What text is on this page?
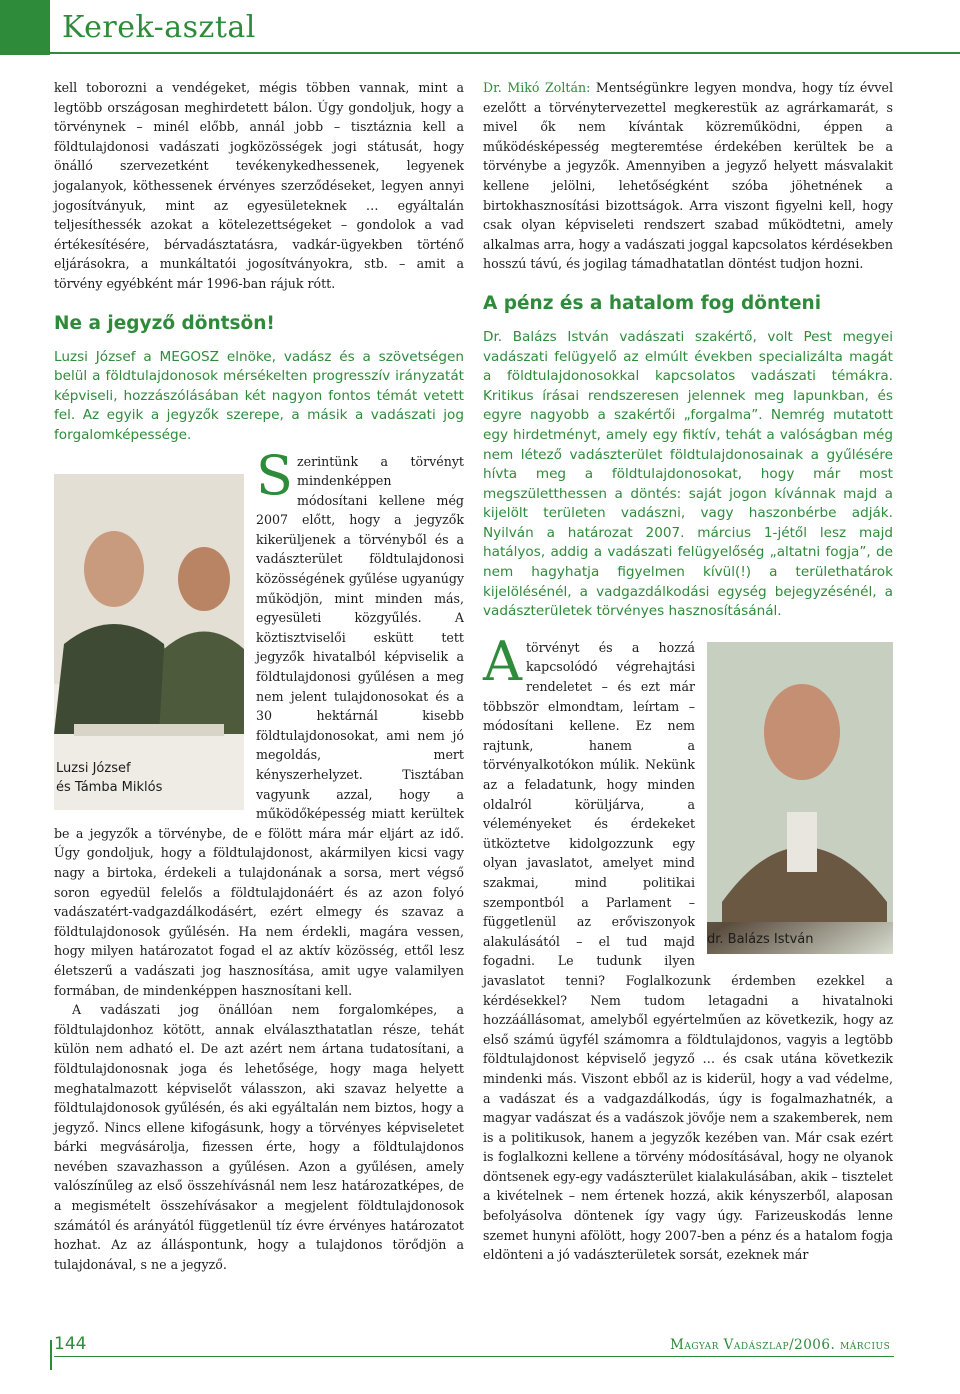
Kerek-asztal

kell toborozni a vendégeket, mégis többen vannak, mint a legtöbb országosan meghirdetett bálon. Úgy gondoljuk, hogy a törvénynek – minél előbb, annál jobb – tisztáznia kell a földtulajdonosi vadászati jogközösségek jogi státusát, hogy önálló szervezetként tevékenykedhessenek, legyenek jogalanyok, köthessenek érvényes szerződéseket, legyen annyi jogosítványuk, mint az egyesületeknek … egyáltalán teljesíthessék azokat a kötelezettségeket – gondolok a vad értékesítésére, bérvadásztatásra, vadkár-ügyekben történő eljárásokra, a munkáltatói jogosítványokra, stb. – amit a törvény egyébként már 1996-ban rájuk rótt.

Ne a jegyző döntsön!

Luzsi József a MEGOSZ elnöke, vadász és a szövetségen belül a földtulajdonosok mérsékelten progresszív irányzatát képviseli, hozzászólásában két nagyon fontos témát vetett fel. Az egyik a jegyzők szerepe, a másik a vadászati jog forgalomképessége.

Luzsi József
és Támba Miklós

Szerintünk a törvényt mindenképpen módosítani kellene még 2007 előtt, hogy a jegyzők kikerüljenek a törvényből és a vadászterület földtulajdonosi közösségének gyűlése ugyanúgy működjön, mint minden más, egyesületi közgyűlés. A köztisztviselői eskütt tett jegyzők hivatalból képviselik a földtulajdonosi gyűlésen a meg nem jelent tulajdonosokat és a 30 hektárnál kisebb földtulajdonosokat, ami nem jó megoldás, mert kényszerhelyzet. Tisztában vagyunk azzal, hogy a működőképesség miatt kerültek be a jegyzők a törvénybe, de e fölött mára már eljárt az idő. Úgy gondoljuk, hogy a földtulajdonost, akármilyen kicsi vagy nagy a birtoka, érdekeli a tulajdonának a sorsa, mert végső soron egyedül felelős a földtulajdonáért és az azon folyó vadászatért-vadgazdálkodásért, ezért elmegy és szavaz a földtulajdonosok gyűlésén. Ha nem érdekli, magára vessen, hogy milyen határozatot fogad el az aktív közösség, ettől lesz életszerű a vadászati jog hasznosítása, amit ugye valamilyen formában, de mindenképpen hasznosítani kell.

A vadászati jog önállóan nem forgalomképes, a földtulajdonhoz kötött, annak elválaszthatatlan része, tehát külön nem adható el. De azt azért nem ártana tudatosítani, a földtulajdonosnak joga és lehetősége, hogy maga helyett meghatalmazott képviselőt válasszon, aki szavaz helyette a földtulajdonosok gyűlésén, és aki egyáltalán nem biztos, hogy a jegyző. Nincs ellene kifogásunk, hogy a törvényes képviseletet bárki megvásárolja, fizessen érte, hogy a földtulajdonos nevében szavazhasson a gyűlésen. Azon a gyűlésen, amely valószínűleg az első összehívásnál nem lesz határozatképes, de a megismételt összehívásakor a megjelent földtulajdonosok számától és arányától függetlenül tíz évre érvényes határozatot hozhat. Az az álláspontunk, hogy a tulajdonos törődjön a tulajdonával, s ne a jegyző.

Dr. Mikó Zoltán: Mentségünkre legyen mondva, hogy tíz évvel ezelőtt a törvénytervezettel megkerestük az agrárkamarát, s mivel ők nem kívántak közreműködni, éppen a működésképesség megteremtése érdekében kerültek be a törvénybe a jegyzők. Amennyiben a jegyző helyett másvalakit kellene jelölni, lehetőségként szóba jöhetnének a birtokhasznosítási bizottságok. Arra viszont figyelni kell, hogy csak olyan képviseleti rendszert szabad működtetni, amely alkalmas arra, hogy a vadászati joggal kapcsolatos kérdésekben hosszú távú, és jogilag támadhatatlan döntést tudjon hozni.

A pénz és a hatalom fog dönteni

Dr. Balázs István vadászati szakértő, volt Pest megyei vadászati felügyelő az elmúlt években specializálta magát a földtulajdonosokkal kapcsolatos vadászati témákra. Kritikus írásai rendszeresen jelennek meg lapunkban, és egyre nagyobb a szakértői „forgalma”. Nemrég mutatott egy hirdetményt, amely egy fiktív, tehát a valóságban még nem létező vadászterület földtulajdonosainak a gyűlésére hívta meg a földtulajdonosokat, hogy már most megszületthessen a döntés: saját jogon kívánnak majd a kijelölt területen vadászni, vagy haszonbérbe adják. Nyilván a határozat 2007. március 1-jétől lesz majd hatályos, addig a vadászati felügyelőség „altatni fogja”, de nem hagyhatja figyelmen kívül(!) a területhatárok kijelölésénél, a vadgazdálkodási egység bejegyzésénél, a vadászterületek törvényes hasznosításánál.

A
dr. Balázs István
törvényt és a hozzá kapcsolódó végrehajtási rendeletet – és ezt már többször elmondtam, leírtam – módosítani kellene. Ez nem rajtunk, hanem a törvényalkotókon múlik. Nekünk az a feladatunk, hogy minden oldalról körüljárva, a véleményeket és érdekeket ütköztetve kidolgozzunk egy olyan javaslatot, amelyet mind szakmai, mind politikai szempontból a Parlament – függetlenül az erőviszonyok alakulásától – el tud majd fogadni. Le tudunk ilyen javaslatot tenni? Foglalkozunk érdemben ezekkel a kérdésekkel? Nem tudom letagadni a hivatalnoki hozzáállásomat, amelyből egyértelműen az következik, hogy az első számú ügyfél számomra a földtulajdonos, vagyis a legtöbb földtulajdonost képviselő jegyző … és csak utána következik mindenki más. Viszont ebből az is kiderül, hogy a vad védelme, a vadászat és a vadgazdálkodás, úgy is fogalmazhatnék, a magyar vadászat és a vadászok jövője nem a szakemberek, nem is a politikusok, hanem a jegyzők kezében van. Már csak ezért is foglalkozni kellene a törvény módosításával, hogy ne olyanok döntsenek egy-egy vadászterület kialakulásában, akik – tisztelet a kivételnek – nem értenek hozzá, akik kényszerből, alaposan befolyásolva döntenek így vagy úgy. Farizeuskodás lenne szemet hunyni afölött, hogy 2007-ben a pénz és a hatalom fogja eldönteni a jó vadászterületek sorsát, ezeknek már

144	Magyar Vadászlap/2006. március
